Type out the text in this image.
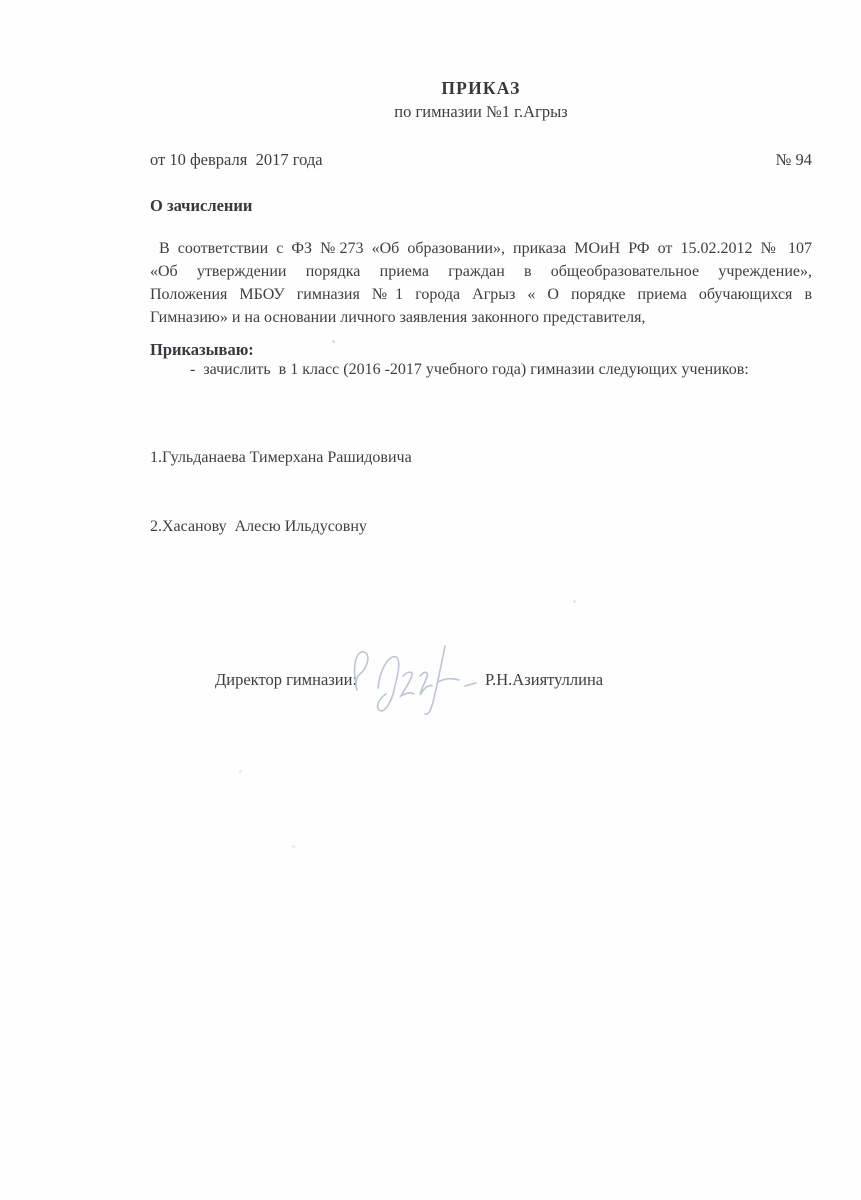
ПРИКАЗ
по гимназии №1 г.Агрыз
от 10 февраля  2017 года	№ 94
О зачислении
В соответствии с ФЗ №273 «Об образовании», приказа МОиН РФ от 15.02.2012 № 107
«Об утверждении порядка приема граждан в общеобразовательное учреждение»,
Положения МБОУ гимназия №1 города Агрыз « О порядке приема обучающихся в
Гимназию» и на основании личного заявления законного представителя,
Приказываю:
-  зачислить  в 1 класс (2016 -2017 учебного года) гимназии следующих учеников:

1.Гульданаева Тимерхана Рашидовича

2.Хасанову  Алесю Ильдусовну

Директор гимназии:	Р.Н.Азиятуллина
